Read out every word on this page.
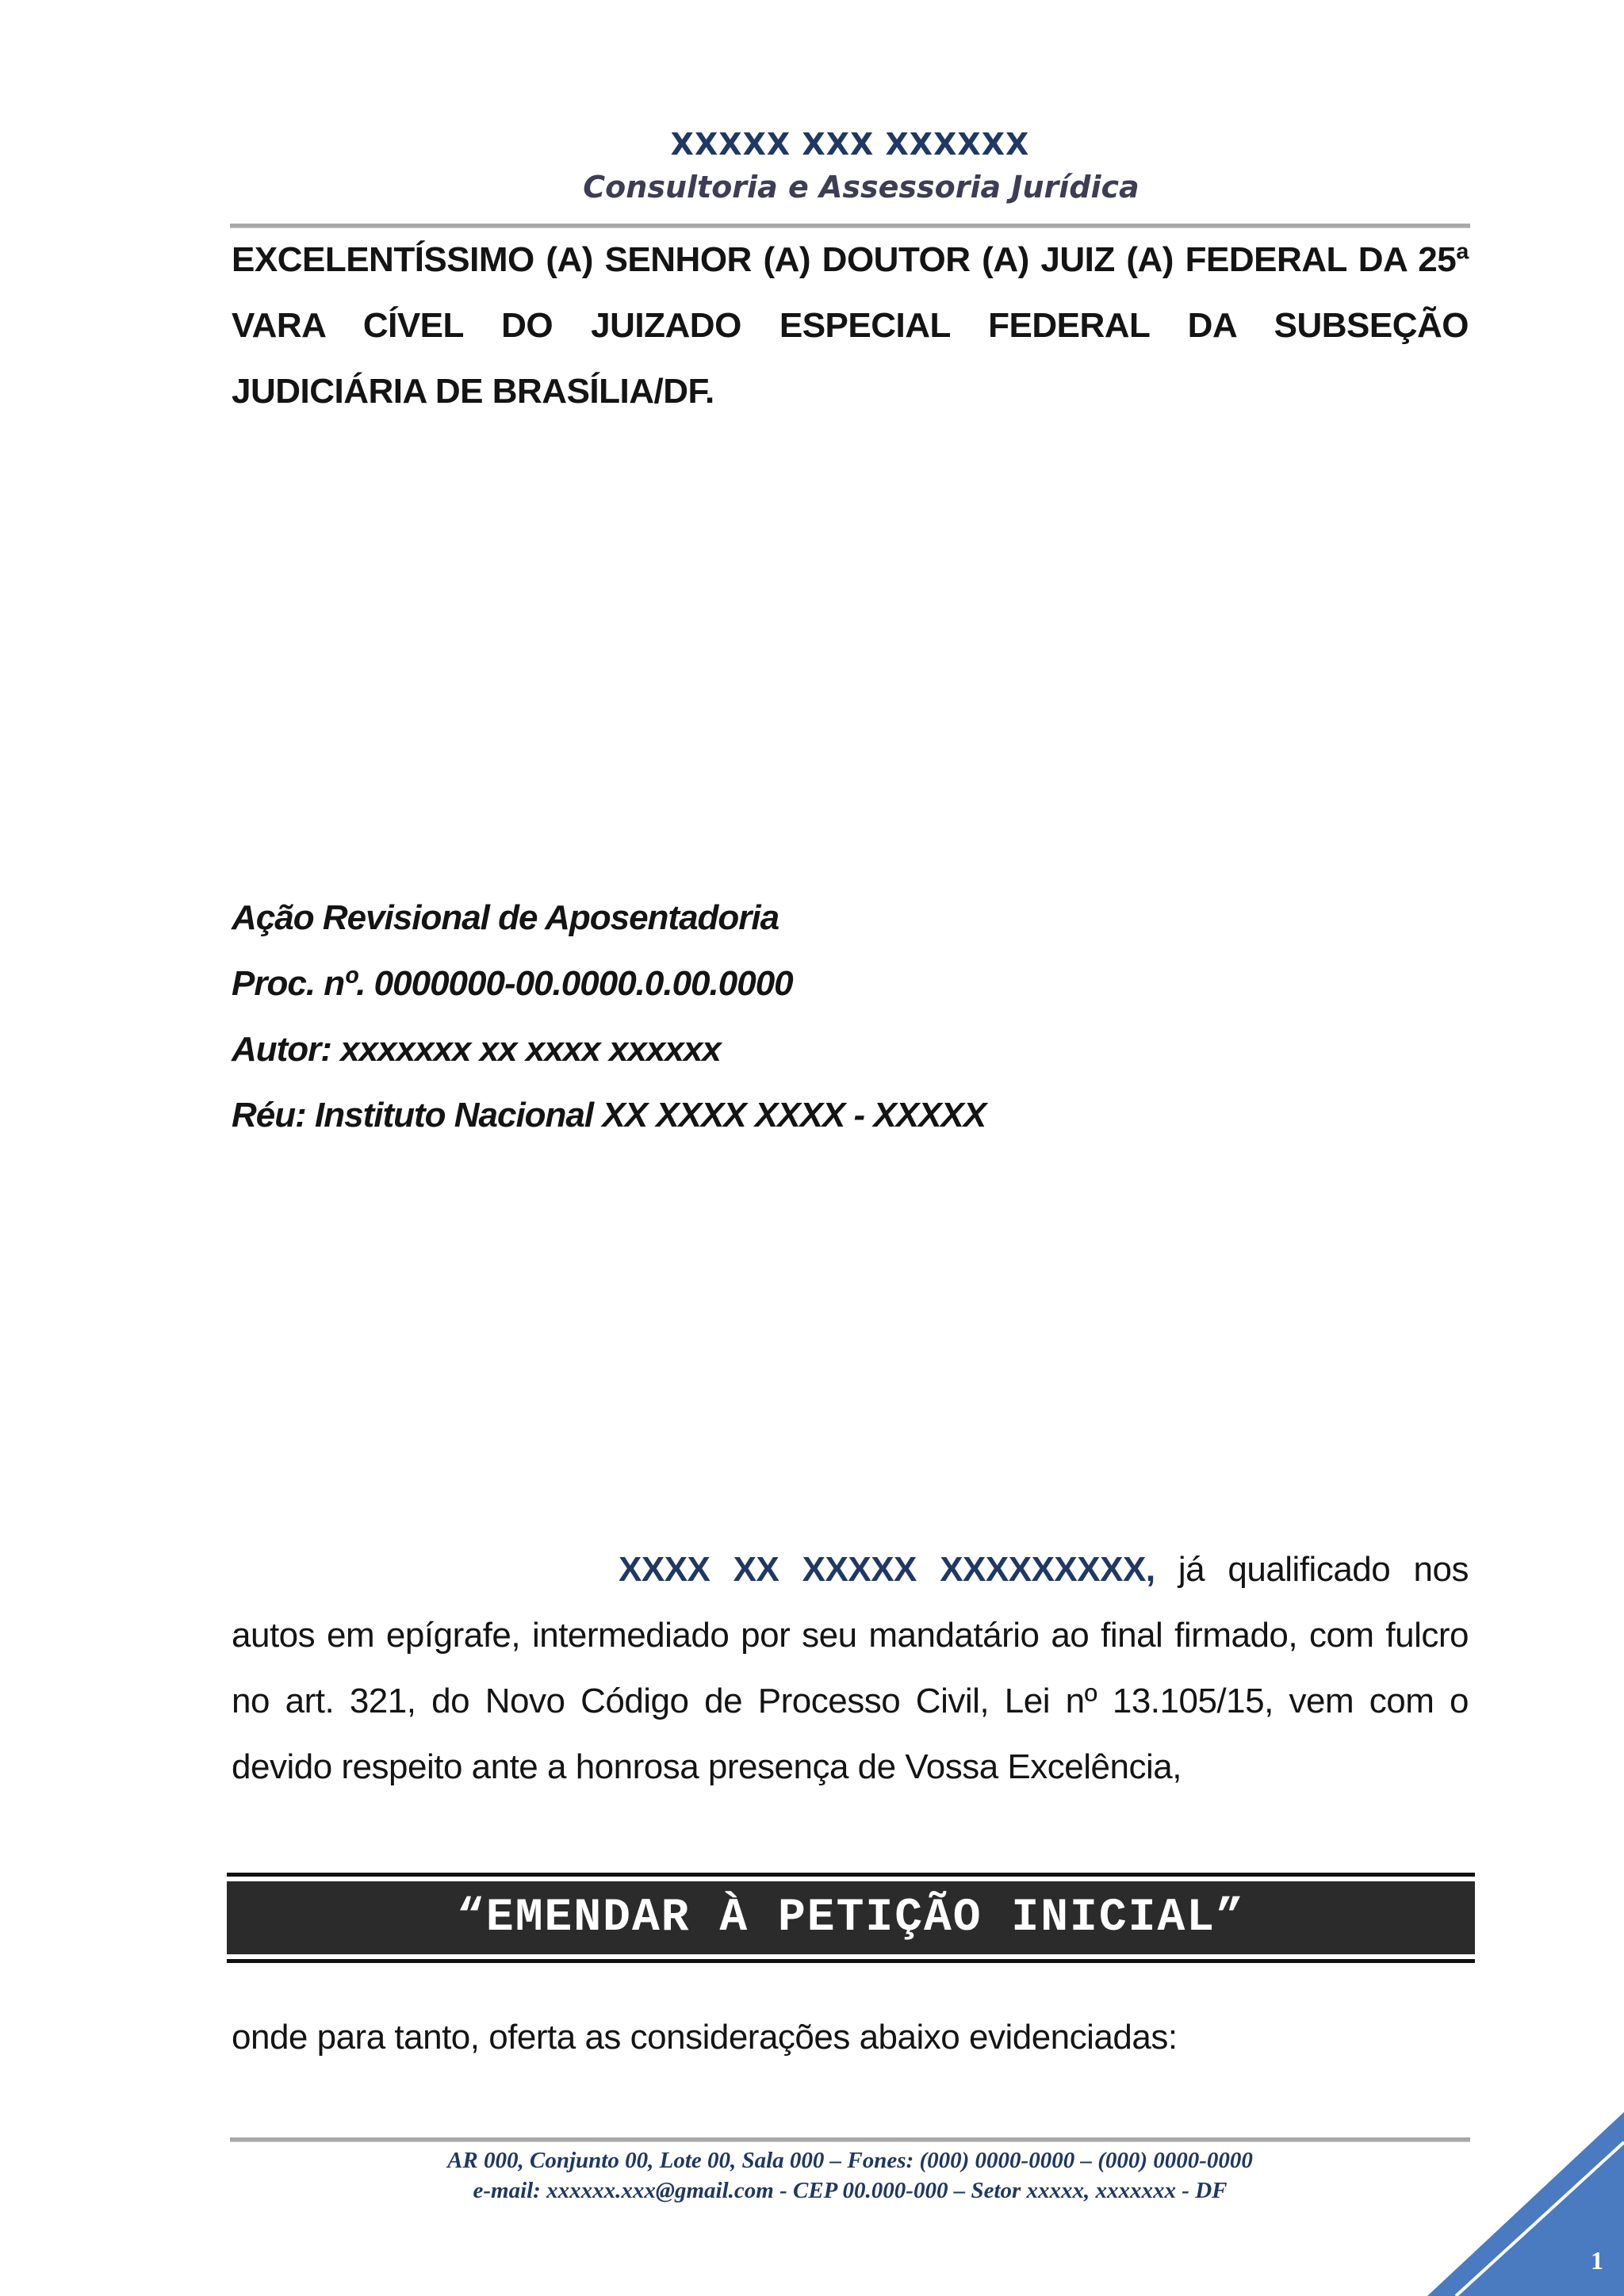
XXXXX XXX XXXXXX
Consultoria e Assessoria Jurídica
EXCELENTÍSSIMO (A) SENHOR (A) DOUTOR (A) JUIZ (A) FEDERAL DA 25ª VARA CÍVEL DO JUIZADO ESPECIAL FEDERAL DA SUBSEÇÃO JUDICIÁRIA DE BRASÍLIA/DF.
Ação Revisional de Aposentadoria
Proc. nº. 0000000-00.0000.0.00.0000
Autor: xxxxxxx xx xxxx xxxxxx
Réu: Instituto Nacional XX XXXX XXXX - XXXXX
XXXX XX XXXXX XXXXXXXXX, já qualificado nos autos em epígrafe, intermediado por seu mandatário ao final firmado, com fulcro no art. 321, do Novo Código de Processo Civil, Lei nº 13.105/15, vem com o devido respeito ante a honrosa presença de Vossa Excelência,
“EMENDAR À PETIÇÃO INICIAL”
onde para tanto, oferta as considerações abaixo evidenciadas:
AR 000, Conjunto 00, Lote 00, Sala 000 – Fones: (000) 0000-0000 – (000) 0000-0000
e-mail: xxxxxx.xxx@gmail.com - CEP 00.000-000 – Setor xxxxx, xxxxxxx - DF
1
